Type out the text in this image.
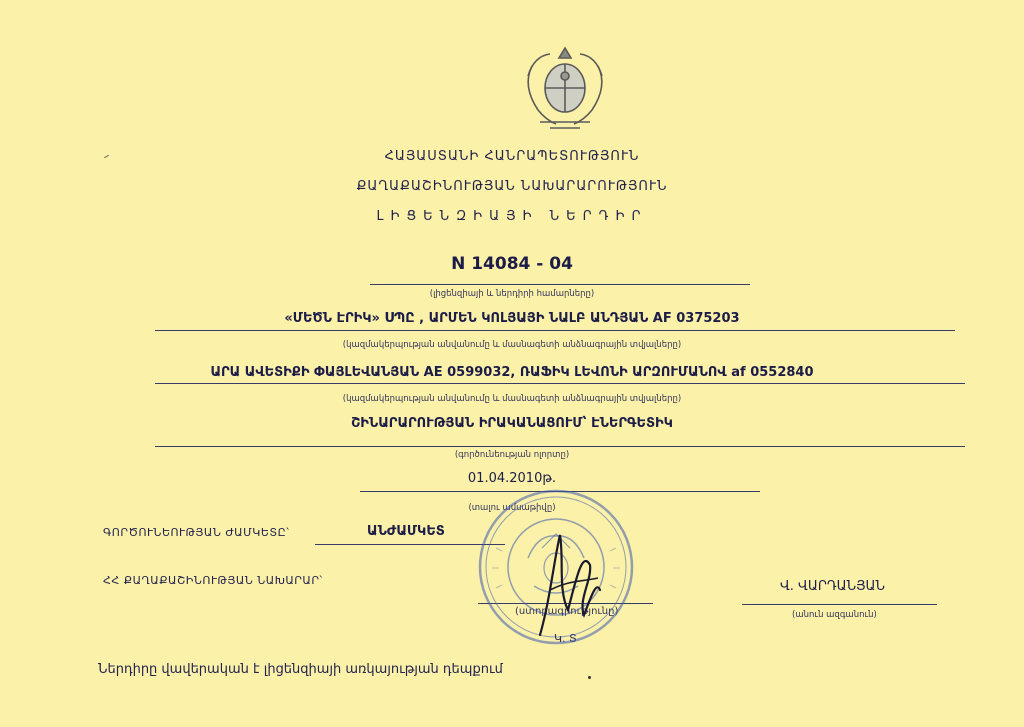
ՀԱՅԱՍՏԱՆԻ ՀԱՆՐԱՊԵՏՈՒԹՅՈՒՆ
ՔԱՂԱՔԱՇԻՆՈՒԹՅԱՆ ՆԱԽԱՐԱՐՈՒԹՅՈՒՆ
ԼԻՑԵՆԶԻԱՅԻ ՆԵՐԴԻՐ
N 14084 - 04
(լիցենզիայի և ներդիրի համարները)
«ՄԵԾՆ ԷՐԻԿ» ՍՊԸ , ԱՐՄԵՆ ԿՈԼՅԱՅԻ ՆԱԼԲ ԱՆԴՅԱՆ AF 0375203
(կազմակերպության անվանումը և մասնագետի անձնագրային տվյալները)
ԱՐԱ ԱՎԵՏԻՔԻ ՓԱՅԼԵՎԱՆՅԱՆ AE 0599032, ՌԱՖԻԿ ԼԵՎՈՆԻ ԱՐԶՈՒՄԱՆՈՎ af 0552840
(կազմակերպության անվանումը և մասնագետի անձնագրային տվյալները)
ՇԻՆԱՐԱՐՈՒԹՅԱՆ ԻՐԱԿԱՆԱՑՈՒՄ՝ ԷՆԵՐԳԵՏԻԿ
(գործունեության ոլորտը)
01.04.2010թ.
(տալու ամսաթիվը)
ԳՈՐԾՈՒՆԵՈՒԹՅԱՆ ԺԱՄԿԵՏԸ՝	ԱՆԺԱՄԿԵՏ
ՀՀ ՔԱՂԱՔԱՇԻՆՈՒԹՅԱՆ ՆԱԽԱՐԱՐ՝
(ստորագրությունը)
Վ. ՎԱՐԴԱՆՅԱՆ
(անուն ազգանուն)
Կ. Տ
Ներդիրը վավերական է լիցենզիայի առկայության դեպքում
